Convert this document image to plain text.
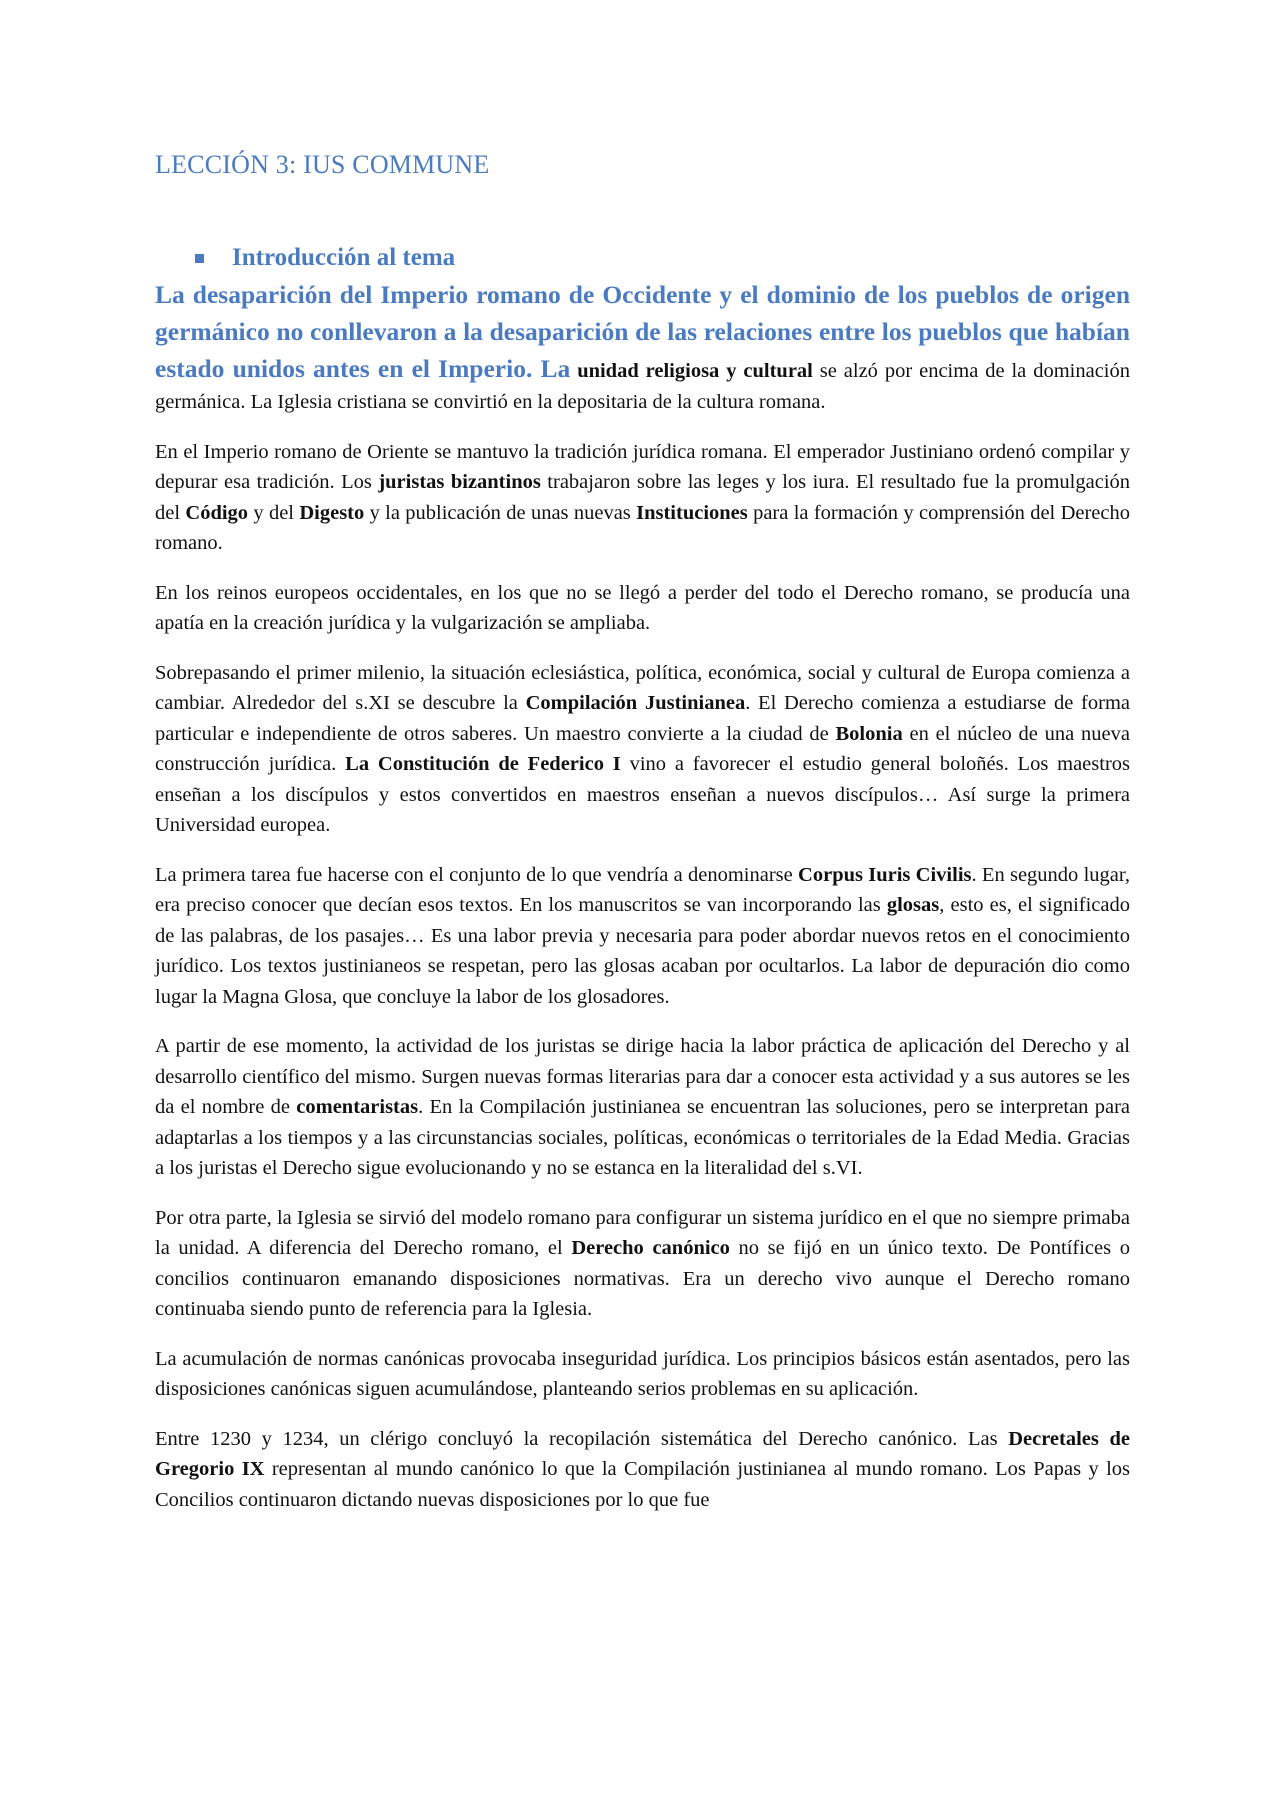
LECCIÓN 3: IUS COMMUNE
Introducción al tema

La desaparición del Imperio romano de Occidente y el dominio de los pueblos de origen germánico no conllevaron a la desaparición de las relaciones entre los pueblos que habían estado unidos antes en el Imperio. La unidad religiosa y cultural se alzó por encima de la dominación germánica. La Iglesia cristiana se convirtió en la depositaria de la cultura romana.

En el Imperio romano de Oriente se mantuvo la tradición jurídica romana. El emperador Justiniano ordenó compilar y depurar esa tradición. Los juristas bizantinos trabajaron sobre las leges y los iura. El resultado fue la promulgación del Código y del Digesto y la publicación de unas nuevas Instituciones para la formación y comprensión del Derecho romano.

En los reinos europeos occidentales, en los que no se llegó a perder del todo el Derecho romano, se producía una apatía en la creación jurídica y la vulgarización se ampliaba.

Sobrepasando el primer milenio, la situación eclesiástica, política, económica, social y cultural de Europa comienza a cambiar. Alrededor del s.XI se descubre la Compilación Justinianea. El Derecho comienza a estudiarse de forma particular e independiente de otros saberes. Un maestro convierte a la ciudad de Bolonia en el núcleo de una nueva construcción jurídica. La Constitución de Federico I vino a favorecer el estudio general boloñés. Los maestros enseñan a los discípulos y estos convertidos en maestros enseñan a nuevos discípulos… Así surge la primera Universidad europea.

La primera tarea fue hacerse con el conjunto de lo que vendría a denominarse Corpus Iuris Civilis. En segundo lugar, era preciso conocer que decían esos textos. En los manuscritos se van incorporando las glosas, esto es, el significado de las palabras, de los pasajes… Es una labor previa y necesaria para poder abordar nuevos retos en el conocimiento jurídico. Los textos justinianeos se respetan, pero las glosas acaban por ocultarlos. La labor de depuración dio como lugar la Magna Glosa, que concluye la labor de los glosadores.

A partir de ese momento, la actividad de los juristas se dirige hacia la labor práctica de aplicación del Derecho y al desarrollo científico del mismo. Surgen nuevas formas literarias para dar a conocer esta actividad y a sus autores se les da el nombre de comentaristas. En la Compilación justinianea se encuentran las soluciones, pero se interpretan para adaptarlas a los tiempos y a las circunstancias sociales, políticas, económicas o territoriales de la Edad Media. Gracias a los juristas el Derecho sigue evolucionando y no se estanca en la literalidad del s.VI.

Por otra parte, la Iglesia se sirvió del modelo romano para configurar un sistema jurídico en el que no siempre primaba la unidad. A diferencia del Derecho romano, el Derecho canónico no se fijó en un único texto. De Pontífices o concilios continuaron emanando disposiciones normativas. Era un derecho vivo aunque el Derecho romano continuaba siendo punto de referencia para la Iglesia.

La acumulación de normas canónicas provocaba inseguridad jurídica. Los principios básicos están asentados, pero las disposiciones canónicas siguen acumulándose, planteando serios problemas en su aplicación.

Entre 1230 y 1234, un clérigo concluyó la recopilación sistemática del Derecho canónico. Las Decretales de Gregorio IX representan al mundo canónico lo que la Compilación justinianea al mundo romano. Los Papas y los Concilios continuaron dictando nuevas disposiciones por lo que fue
